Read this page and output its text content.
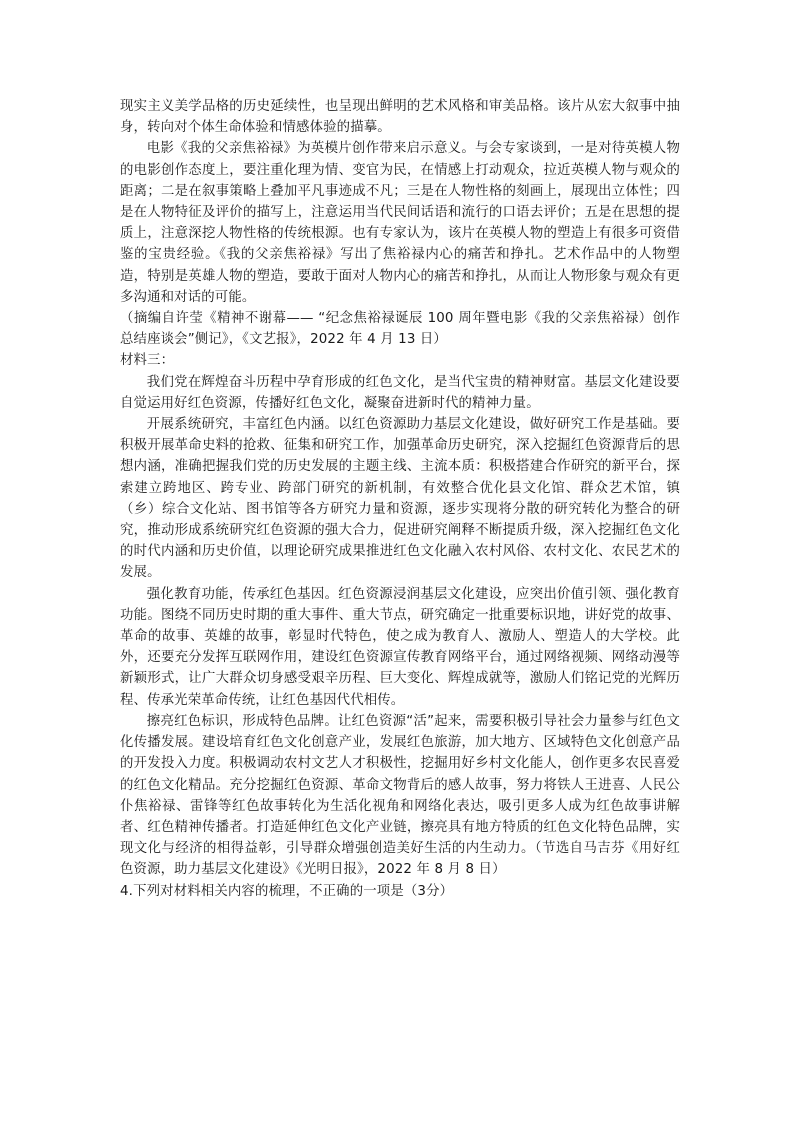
现实主义美学品格的历史延续性，也呈现出鲜明的艺术风格和审美品格。该片从宏大叙事中抽身，转向对个体生命体验和情感体验的描摹。

电影《我的父亲焦裕禄》为英模片创作带来启示意义。与会专家谈到，一是对待英模人物的电影创作态度上，要注重化理为情、变官为民，在情感上打动观众，拉近英模人物与观众的距离；二是在叙事策略上叠加平凡事迹成不凡；三是在人物性格的刻画上，展现出立体性；四是在人物特征及评价的描写上，注意运用当代民间话语和流行的口语去评价；五是在思想的提质上，注意深挖人物性格的传统根源。也有专家认为，该片在英模人物的塑造上有很多可资借鉴的宝贵经验。《我的父亲焦裕禄》写出了焦裕禄内心的痛苦和挣扎。艺术作品中的人物塑造，特别是英雄人物的塑造，要敢于面对人物内心的痛苦和挣扎，从而让人物形象与观众有更多沟通和对话的可能。

（摘编自许莹《精神不谢幕—— “纪念焦裕禄诞辰 100 周年暨电影《我的父亲焦裕禄）创作总结座谈会”侧记》，《文艺报》，2022 年 4 月 13 日）

材料三：

我们党在辉煌奋斗历程中孕育形成的红色文化，是当代宝贵的精神财富。基层文化建设要自觉运用好红色资源，传播好红色文化，凝聚奋进新时代的精神力量。

开展系统研究，丰富红色内涵。以红色资源助力基层文化建设，做好研究工作是基础。要积极开展革命史料的抢救、征集和研究工作，加强革命历史研究，深入挖掘红色资源背后的思想内涵，准确把握我们党的历史发展的主题主线、主流本质：积极搭建合作研究的新平台，探索建立跨地区、跨专业、跨部门研究的新机制，有效整合优化县文化馆、群众艺术馆，镇（乡）综合文化站、图书馆等各方研究力量和资源，逐步实现将分散的研究转化为整合的研究，推动形成系统研究红色资源的强大合力，促进研究阐释不断提质升级，深入挖掘红色文化的时代内涵和历史价值，以理论研究成果推进红色文化融入农村风俗、农村文化、农民艺术的发展。

强化教育功能，传承红色基因。红色资源浸润基层文化建设，应突出价值引领、强化教育功能。图绕不同历史时期的重大事件、重大节点，研究确定一批重要标识地，讲好党的故事、革命的故事、英雄的故事，彰显时代特色，使之成为教育人、激励人、塑造人的大学校。此外，还要充分发挥互联网作用，建设红色资源宣传教育网络平台，通过网络视频、网络动漫等新颖形式，让广大群众切身感受艰辛历程、巨大变化、辉煌成就等，激励人们铭记党的光辉历程、传承光荣革命传统，让红色基因代代相传。

擦亮红色标识，形成特色品牌。让红色资源“活”起来，需要积极引导社会力量参与红色文化传播发展。建设培育红色文化创意产业，发展红色旅游，加大地方、区域特色文化创意产品的开发投入力度。积极调动农村文艺人才积极性，挖掘用好乡村文化能人，创作更多农民喜爱的红色文化精品。充分挖掘红色资源、革命文物背后的感人故事，努力将铁人王进喜、人民公仆焦裕禄、雷锋等红色故事转化为生活化视角和网络化表达，吸引更多人成为红色故事讲解者、红色精神传播者。打造延伸红色文化产业链，擦亮具有地方特质的红色文化特色品牌，实现文化与经济的相得益彰，引导群众增强创造美好生活的内生动力。（节选自马吉芬《用好红色资源，助力基层文化建设》《光明日报》，2022 年 8 月 8 日）

4.下列对材料相关内容的梳理，不正确的一项是（3分）
